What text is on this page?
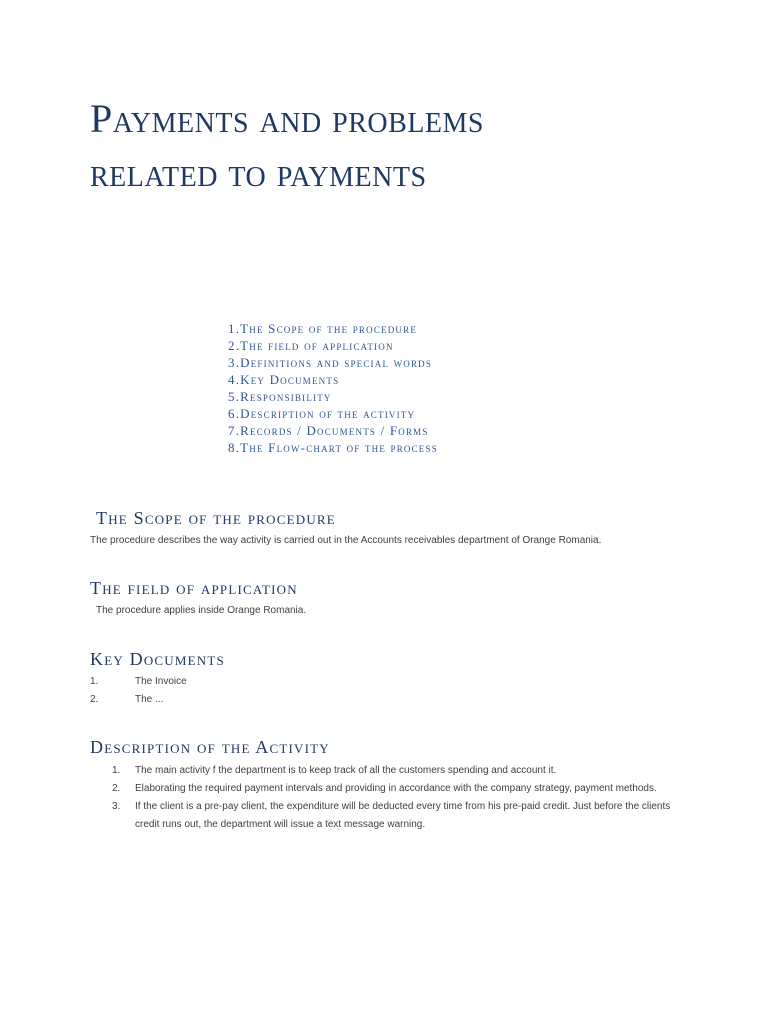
Payments and problems
related to payments
1.The Scope of the procedure
2.The field of application
3.Definitions and special words
4.Key Documents
5.Responsibility
6.Description of the activity
7.Records / Documents / Forms
8.The Flow-chart of the process
The Scope of the procedure

The procedure describes the way activity is carried out in the Accounts receivables department of Orange Romania.

The field of application

The procedure applies inside Orange Romania.

Key Documents
1.	The Invoice
2.	The ...
Description of the Activity
1.	The main activity f the department is to keep track of all the customers spending and account it.
2.	Elaborating the required payment intervals and providing in accordance with the company strategy, payment methods.
3.	If the client is a pre-pay client, the expenditure will be deducted every time from his pre-paid credit. Just before the clients credit runs out, the department will issue a text message warning.
